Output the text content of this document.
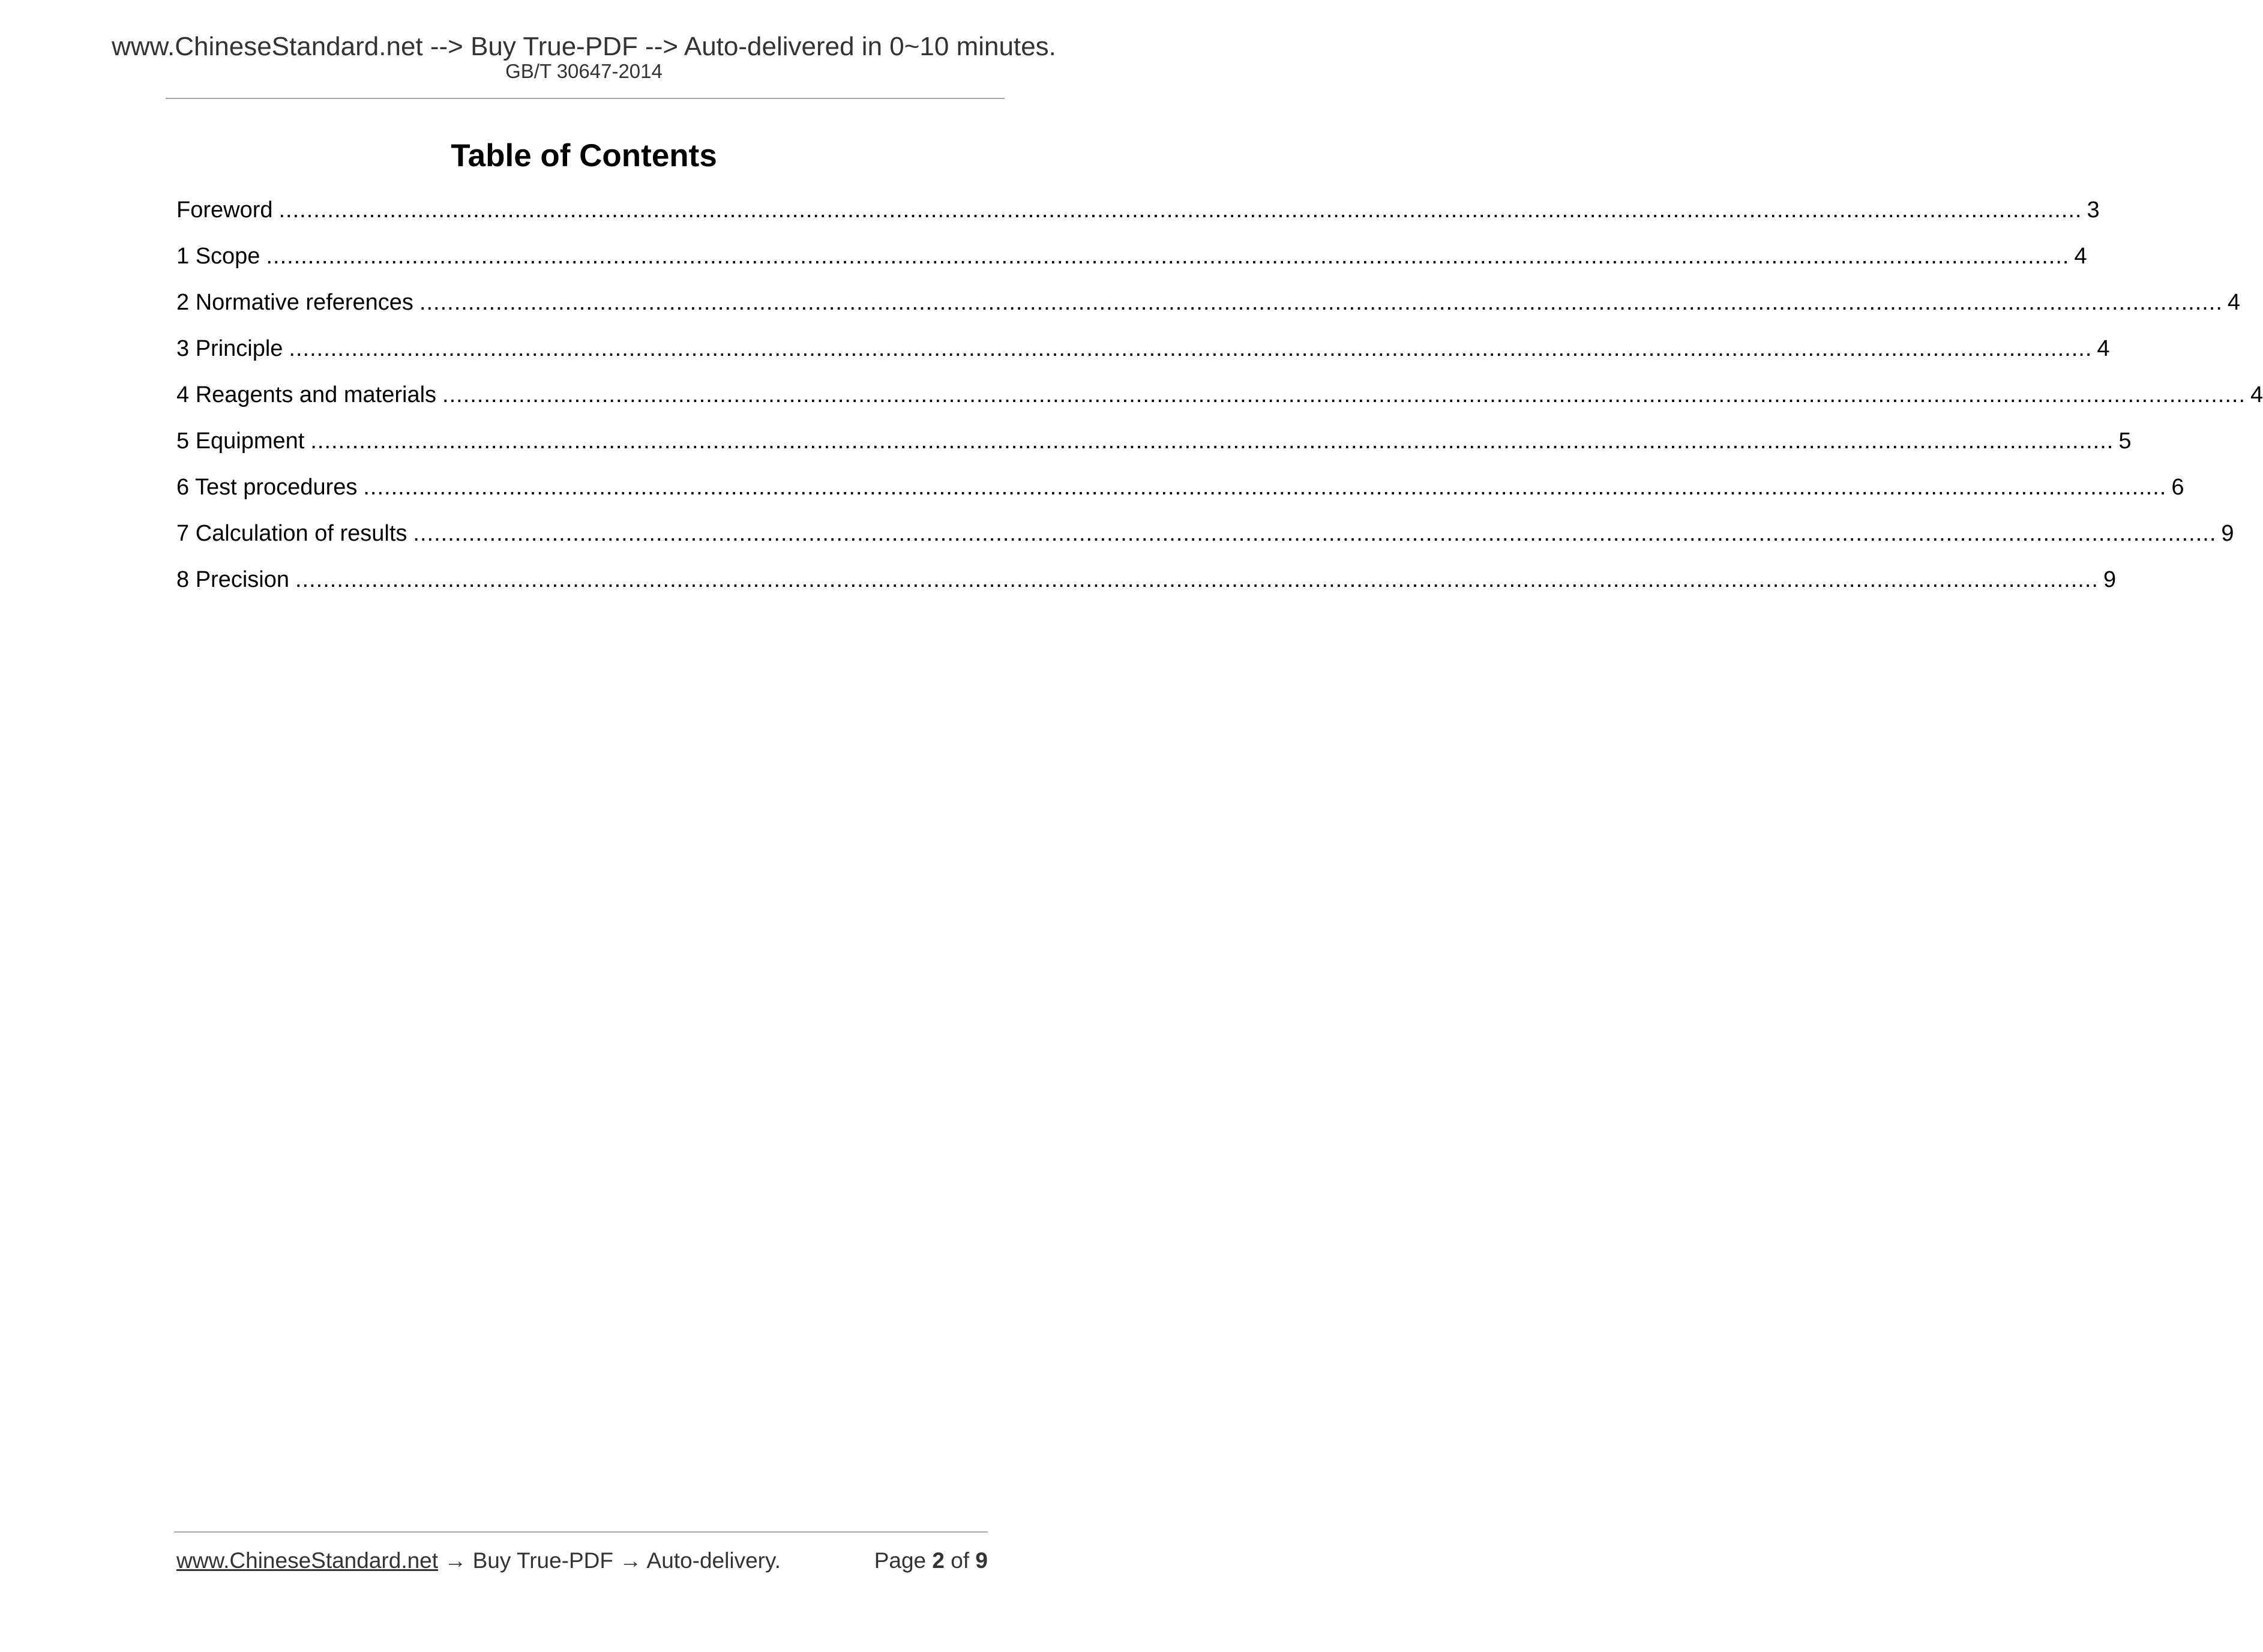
www.ChineseStandard.net --> Buy True-PDF --> Auto-delivered in 0~10 minutes.
GB/T 30647-2014
Table of Contents
Foreword .................................................................................................................................................................................................................................................................... 3
1 Scope .................................................................................................................................................................................................................................................................... 4
2 Normative references .................................................................................................................................................................................................................................................................... 4
3 Principle .................................................................................................................................................................................................................................................................... 4
4 Reagents and materials .................................................................................................................................................................................................................................................................... 4
5 Equipment .................................................................................................................................................................................................................................................................... 5
6 Test procedures .................................................................................................................................................................................................................................................................... 6
7 Calculation of results .................................................................................................................................................................................................................................................................... 9
8 Precision .................................................................................................................................................................................................................................................................... 9
www.ChineseStandard.net → Buy True-PDF → Auto-delivery.	Page 2 of 9
